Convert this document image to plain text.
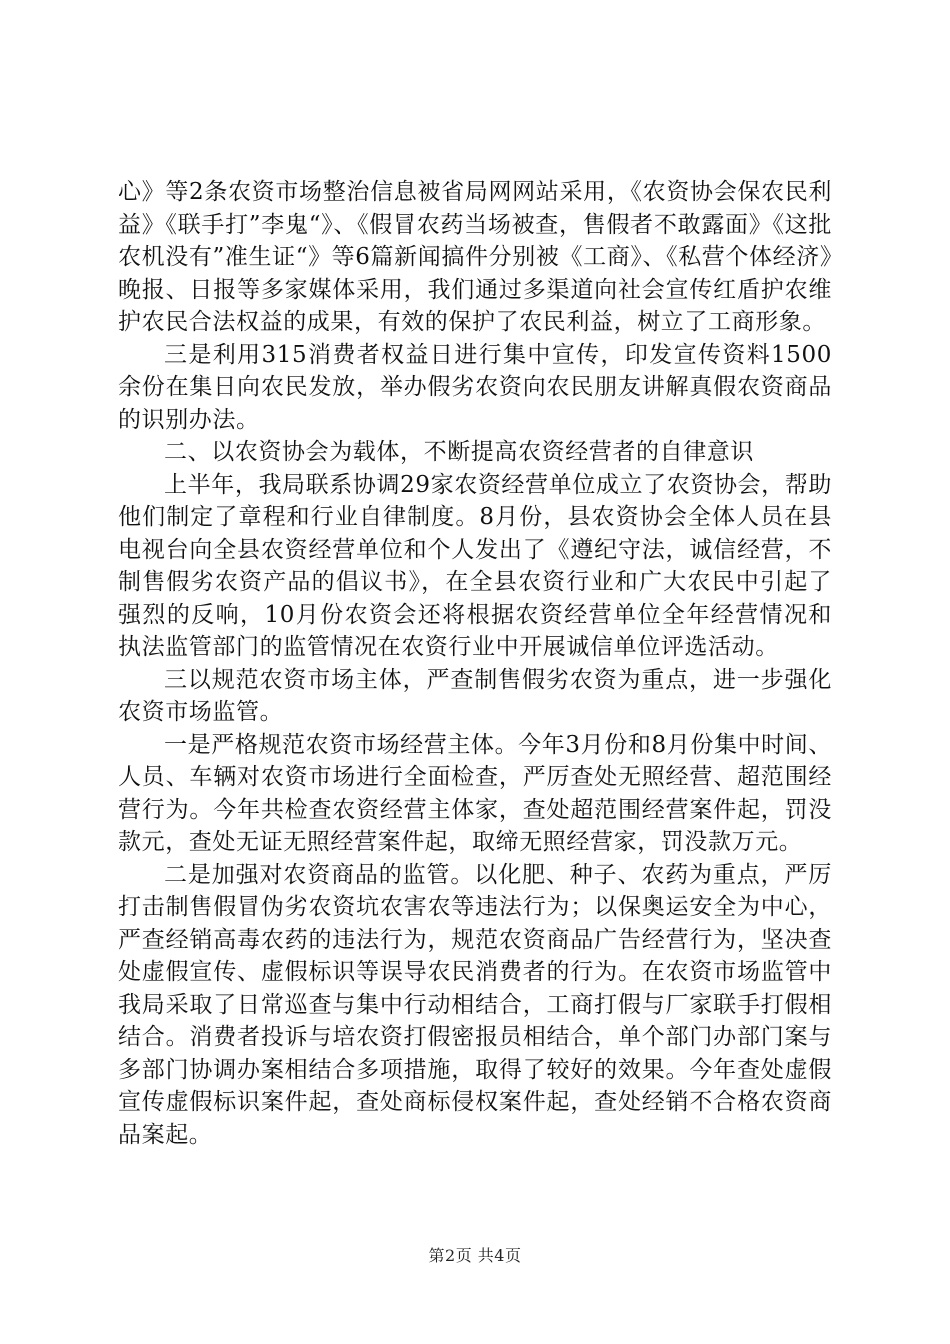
心》等2条农资市场整治信息被省局网网站采用，《农资协会保农民利益》《联手打”李鬼“》、《假冒农药当场被查，售假者不敢露面》《这批农机没有”准生证“》等6篇新闻搞件分别被《工商》、《私营个体经济》晚报、日报等多家媒体采用，我们通过多渠道向社会宣传红盾护农维护农民合法权益的成果，有效的保护了农民利益，树立了工商形象。

三是利用315消费者权益日进行集中宣传，印发宣传资料1500余份在集日向农民发放，举办假劣农资向农民朋友讲解真假农资商品的识别办法。

二、以农资协会为载体，不断提高农资经营者的自律意识

上半年，我局联系协调29家农资经营单位成立了农资协会，帮助他们制定了章程和行业自律制度。8月份，县农资协会全体人员在县电视台向全县农资经营单位和个人发出了《遵纪守法，诚信经营，不制售假劣农资产品的倡议书》，在全县农资行业和广大农民中引起了强烈的反响，10月份农资会还将根据农资经营单位全年经营情况和执法监管部门的监管情况在农资行业中开展诚信单位评选活动。

三以规范农资市场主体，严查制售假劣农资为重点，进一步强化农资市场监管。

一是严格规范农资市场经营主体。今年3月份和8月份集中时间、人员、车辆对农资市场进行全面检查，严厉查处无照经营、超范围经营行为。今年共检查农资经营主体家，查处超范围经营案件起，罚没款元，查处无证无照经营案件起，取缔无照经营家，罚没款万元。

二是加强对农资商品的监管。以化肥、种子、农药为重点，严厉打击制售假冒伪劣农资坑农害农等违法行为；以保奥运安全为中心，严查经销高毒农药的违法行为，规范农资商品广告经营行为，坚决查处虚假宣传、虚假标识等误导农民消费者的行为。在农资市场监管中我局采取了日常巡查与集中行动相结合，工商打假与厂家联手打假相结合。消费者投诉与培农资打假密报员相结合，单个部门办部门案与多部门协调办案相结合多项措施，取得了较好的效果。今年查处虚假宣传虚假标识案件起，查处商标侵权案件起，查处经销不合格农资商品案起。

第2页 共4页
